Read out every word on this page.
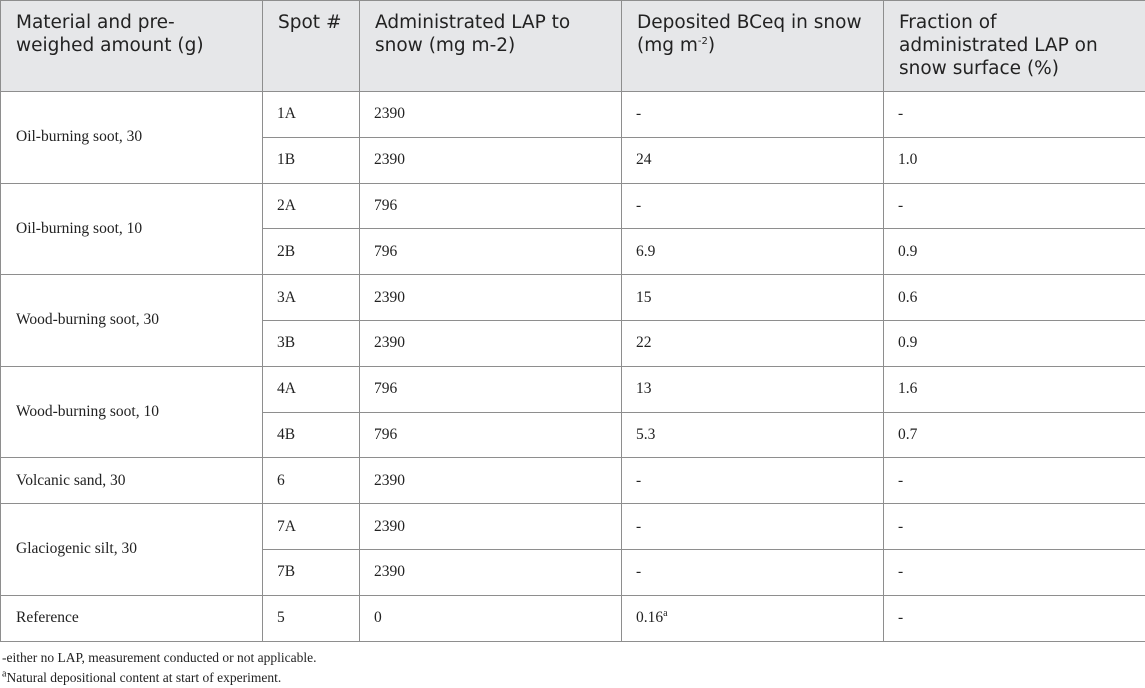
Material and pre-weighed amount (g)	Spot #	Administrated LAP to snow (mg m-2)	Deposited BCeq in snow (mg $m^{-2}$)	Fraction of administrated LAP on snow surface (%)
Oil-burning soot, 30	1A	2390	-	-
	1B	2390	24	1.0
Oil-burning soot, 10	2A	796	-	-
	2B	796	6.9	0.9
Wood-burning soot, 30	3A	2390	15	0.6
	3B	2390	22	0.9
Wood-burning soot, 10	4A	796	13	1.6
	4B	796	5.3	0.7
Volcanic sand, 30	6	2390	-	-
Glaciogenic silt, 30	7A	2390	-	-
	7B	2390	-	-
Reference	5	0	0.16$^a$	-
-either no LAP, measurement conducted or not applicable.
$^a$Natural depositional content at start of experiment.
